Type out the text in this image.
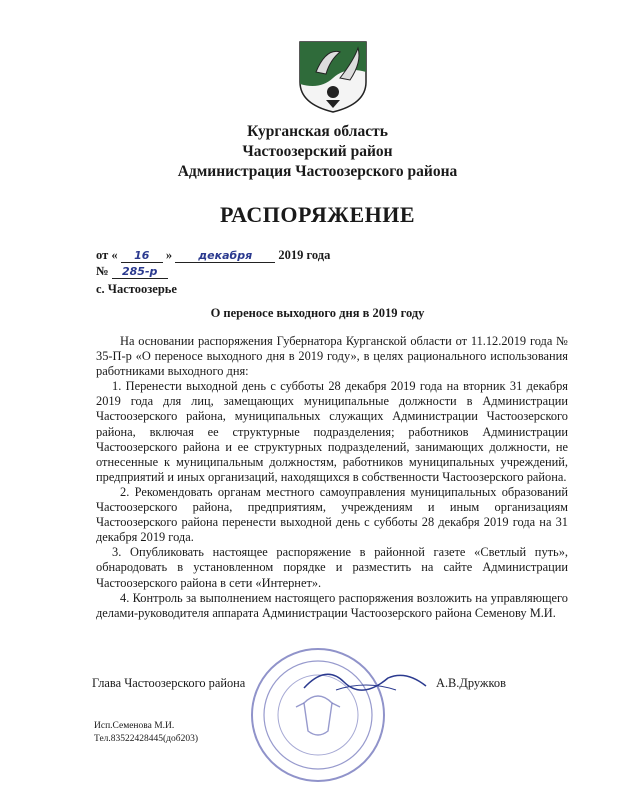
Курганская область
Частоозерский район
Администрация Частоозерского района
РАСПОРЯЖЕНИЕ
от « 16 » декабря 2019 года
№ 285-р
с. Частоозерье
О переносе выходного дня в 2019 году

На основании распоряжения Губернатора Курганской области от 11.12.2019 года № 35-П-р «О переносе выходного дня в 2019 году», в целях рационального использования работниками выходного дня:

1. Перенести выходной день с субботы 28 декабря 2019 года на вторник 31 декабря 2019 года для лиц, замещающих муниципальные должности в Администрации Частоозерского района, муниципальных служащих Администрации Частоозерского района, включая ее структурные подразделения; работников Администрации Частоозерского района и ее структурных подразделений, занимающих должности, не отнесенные к муниципальным должностям, работников муниципальных учреждений, предприятий и иных организаций, находящихся в собственности Частоозерского района.

2. Рекомендовать органам местного самоуправления муниципальных образований Частоозерского района, предприятиям, учреждениям и иным организациям Частоозерского района перенести выходной день с субботы 28 декабря 2019 года на 31 декабря 2019 года.

3. Опубликовать настоящее распоряжение в районной газете «Светлый путь», обнародовать в установленном порядке и разместить на сайте Администрации Частоозерского района в сети «Интернет».

4. Контроль за выполнением настоящего распоряжения возложить на управляющего делами-руководителя аппарата Администрации Частоозерского района Семенову М.И.

Глава Частоозерского района	А.В.Дружков
Исп.Семенова М.И.
Тел.83522428445(доб203)
